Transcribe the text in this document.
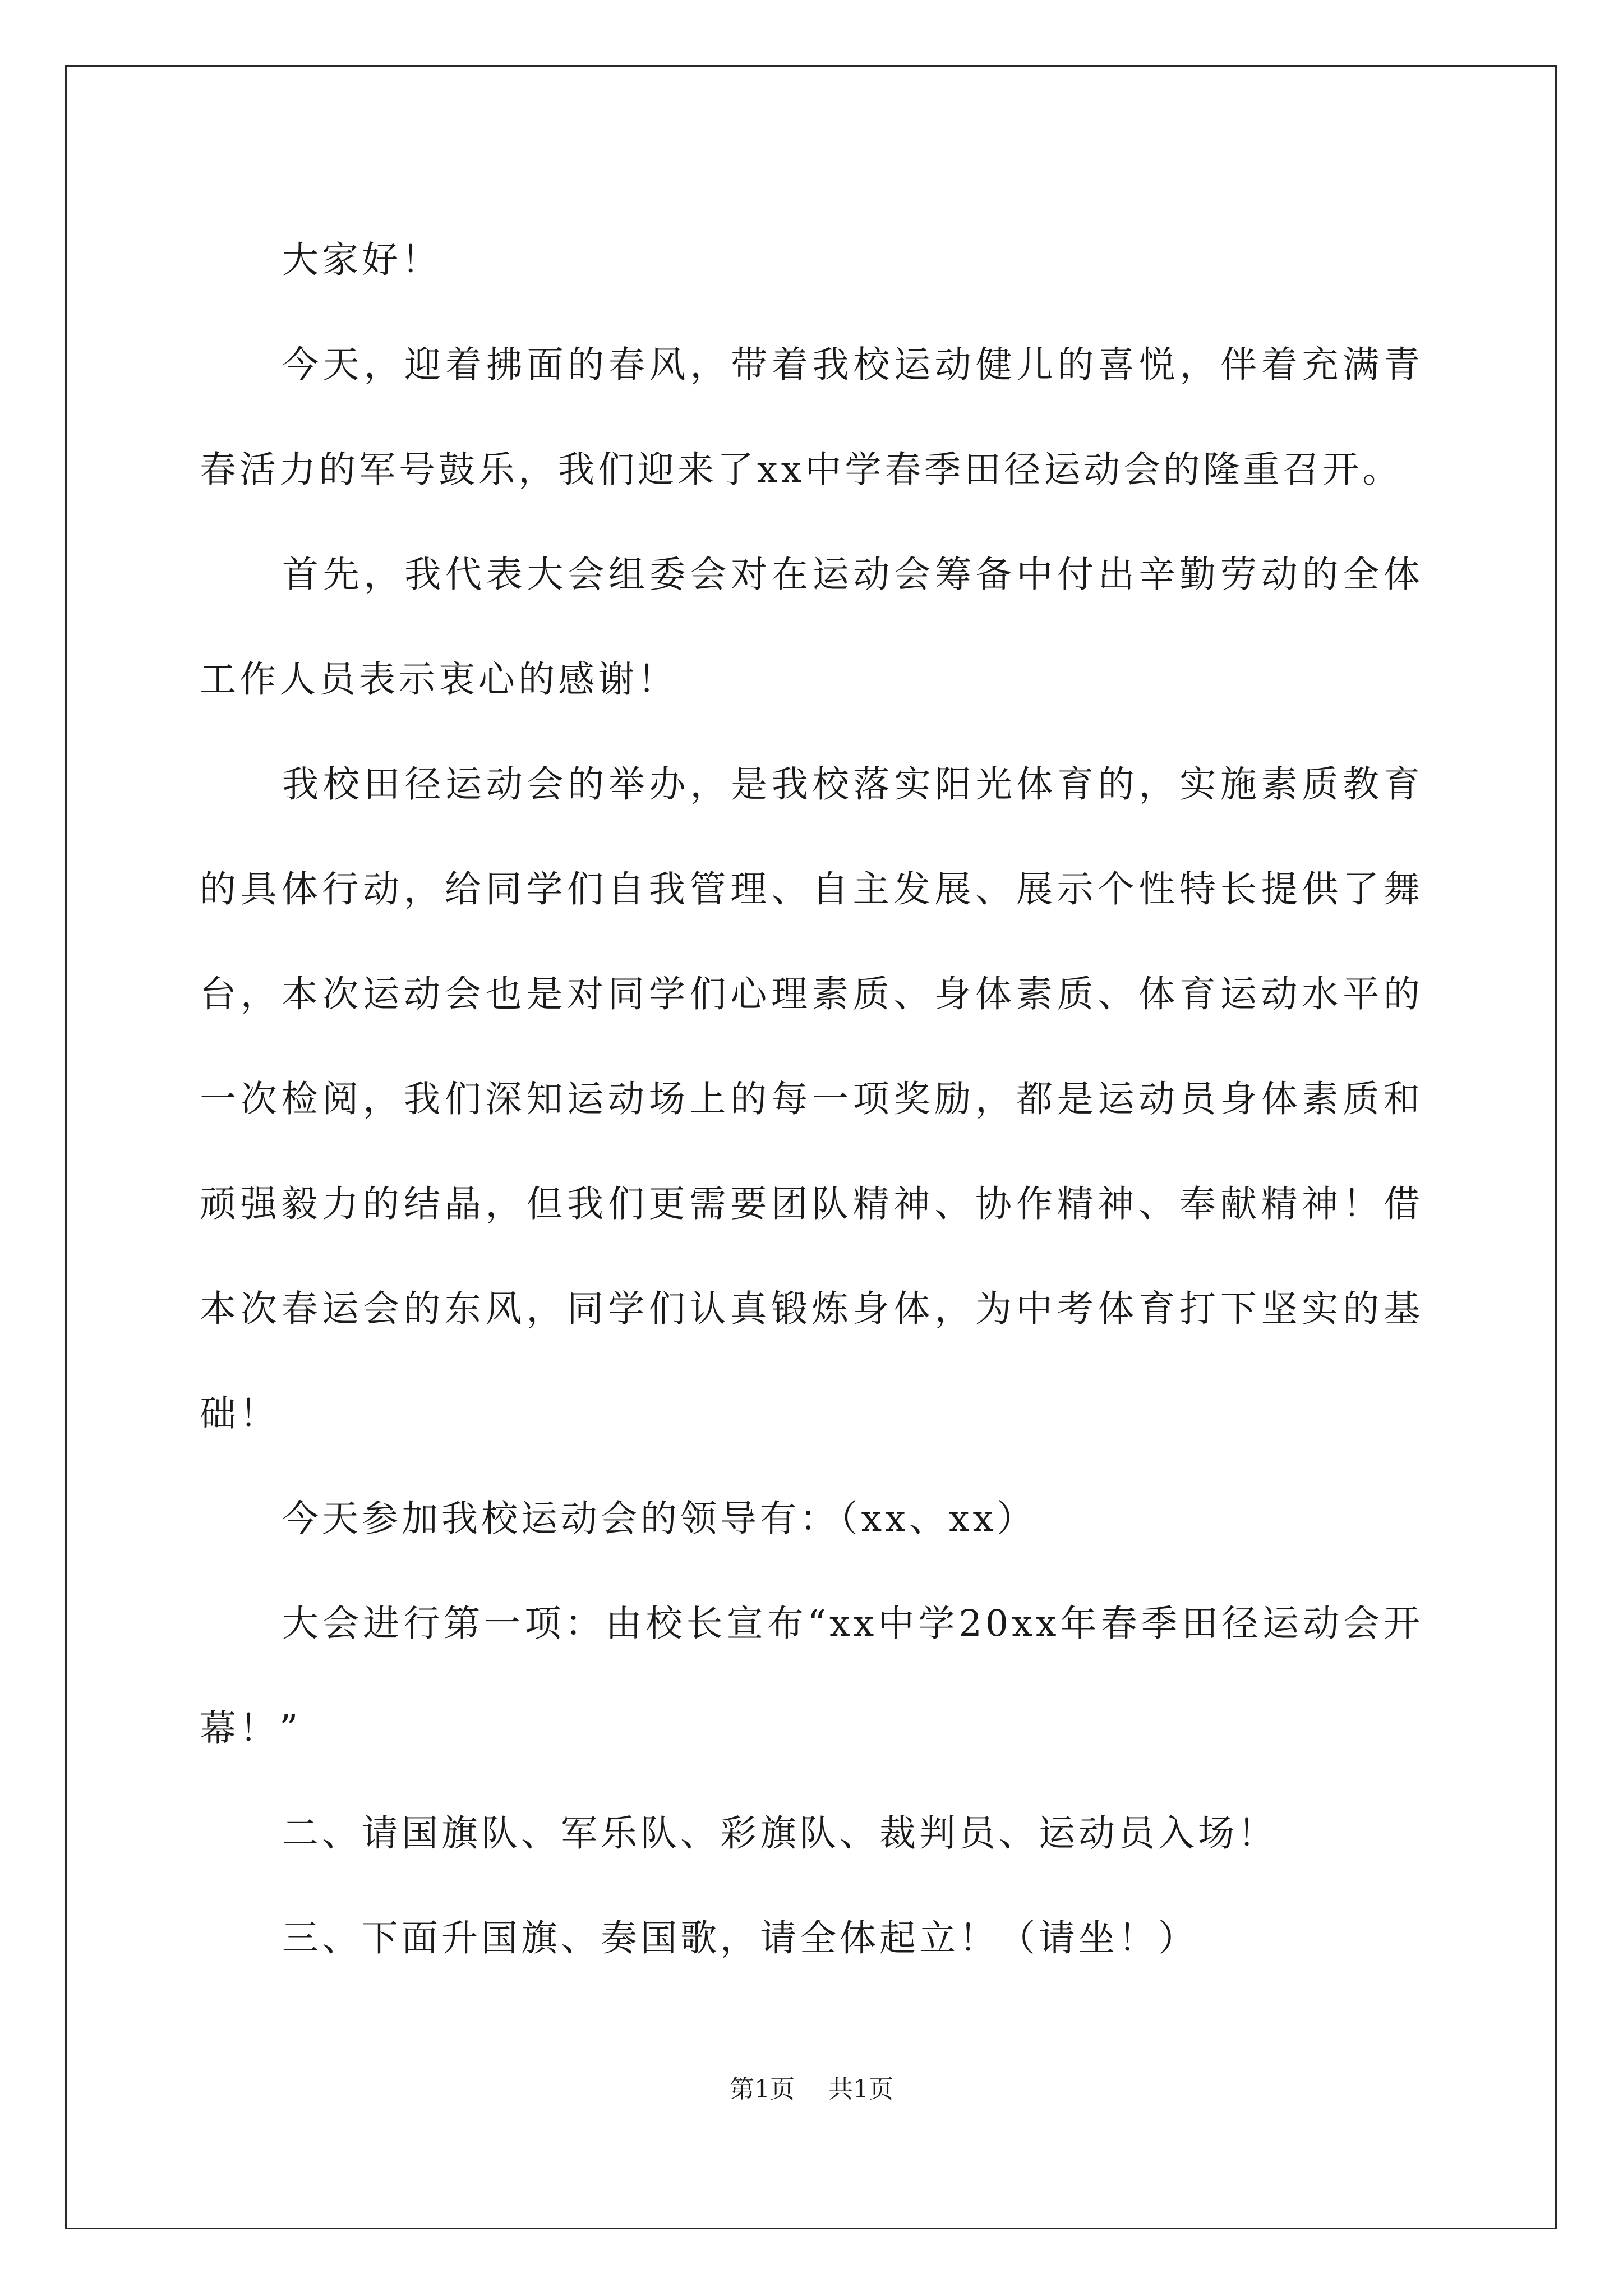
大家好！

今天，迎着拂面的春风，带着我校运动健儿的喜悦，伴着充满青春活力的军号鼓乐，我们迎来了xx中学春季田径运动会的隆重召开。

首先，我代表大会组委会对在运动会筹备中付出辛勤劳动的全体工作人员表示衷心的感谢！

我校田径运动会的举办，是我校落实阳光体育的，实施素质教育的具体行动，给同学们自我管理、自主发展、展示个性特长提供了舞台，本次运动会也是对同学们心理素质、身体素质、体育运动水平的一次检阅，我们深知运动场上的每一项奖励，都是运动员身体素质和顽强毅力的结晶，但我们更需要团队精神、协作精神、奉献精神！借本次春运会的东风，同学们认真锻炼身体，为中考体育打下坚实的基础！

今天参加我校运动会的领导有：（xx、xx）

大会进行第一项：由校长宣布“xx中学20xx年春季田径运动会开幕！”

二、请国旗队、军乐队、彩旗队、裁判员、运动员入场！

三、下面升国旗、奏国歌，请全体起立！（请坐！）

第1页 共1页
